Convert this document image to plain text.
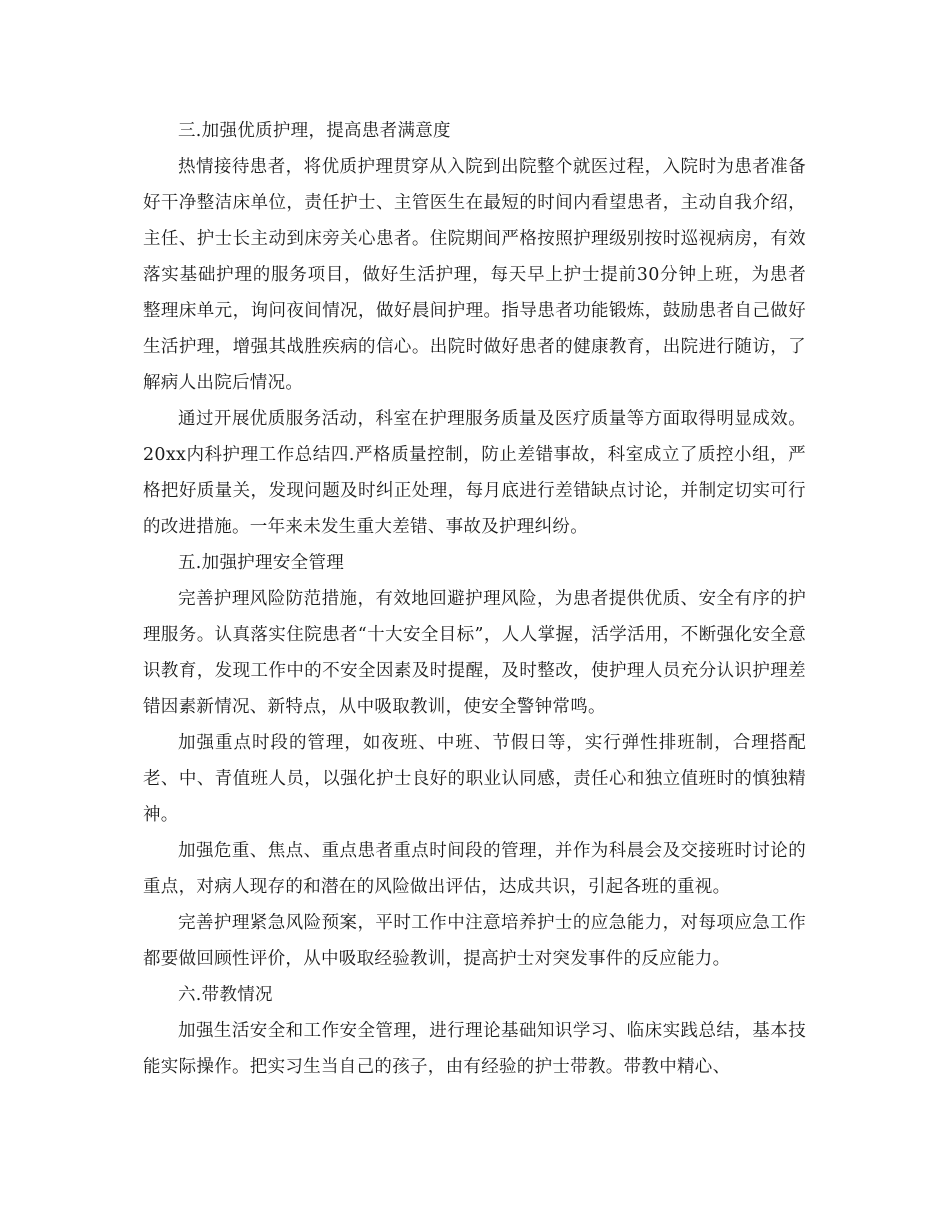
三.加强优质护理，提高患者满意度

热情接待患者，将优质护理贯穿从入院到出院整个就医过程，入院时为患者准备好干净整洁床单位，责任护士、主管医生在最短的时间内看望患者，主动自我介绍，主任、护士长主动到床旁关心患者。住院期间严格按照护理级别按时巡视病房，有效落实基础护理的服务项目，做好生活护理，每天早上护士提前30分钟上班，为患者整理床单元，询问夜间情况，做好晨间护理。指导患者功能锻炼，鼓励患者自己做好生活护理，增强其战胜疾病的信心。出院时做好患者的健康教育，出院进行随访，了解病人出院后情况。

通过开展优质服务活动，科室在护理服务质量及医疗质量等方面取得明显成效。20xx内科护理工作总结四.严格质量控制，防止差错事故，科室成立了质控小组，严格把好质量关，发现问题及时纠正处理，每月底进行差错缺点讨论，并制定切实可行的改进措施。一年来未发生重大差错、事故及护理纠纷。

五.加强护理安全管理

完善护理风险防范措施，有效地回避护理风险，为患者提供优质、安全有序的护理服务。认真落实住院患者“十大安全目标”，人人掌握，活学活用，不断强化安全意识教育，发现工作中的不安全因素及时提醒，及时整改，使护理人员充分认识护理差错因素新情况、新特点，从中吸取教训，使安全警钟常鸣。

加强重点时段的管理，如夜班、中班、节假日等，实行弹性排班制，合理搭配老、中、青值班人员，以强化护士良好的职业认同感，责任心和独立值班时的慎独精神。

加强危重、焦点、重点患者重点时间段的管理，并作为科晨会及交接班时讨论的重点，对病人现存的和潜在的风险做出评估，达成共识，引起各班的重视。

完善护理紧急风险预案，平时工作中注意培养护士的应急能力，对每项应急工作都要做回顾性评价，从中吸取经验教训，提高护士对突发事件的反应能力。

六.带教情况

加强生活安全和工作安全管理，进行理论基础知识学习、临床实践总结，基本技能实际操作。把实习生当自己的孩子，由有经验的护士带教。带教中精心、
